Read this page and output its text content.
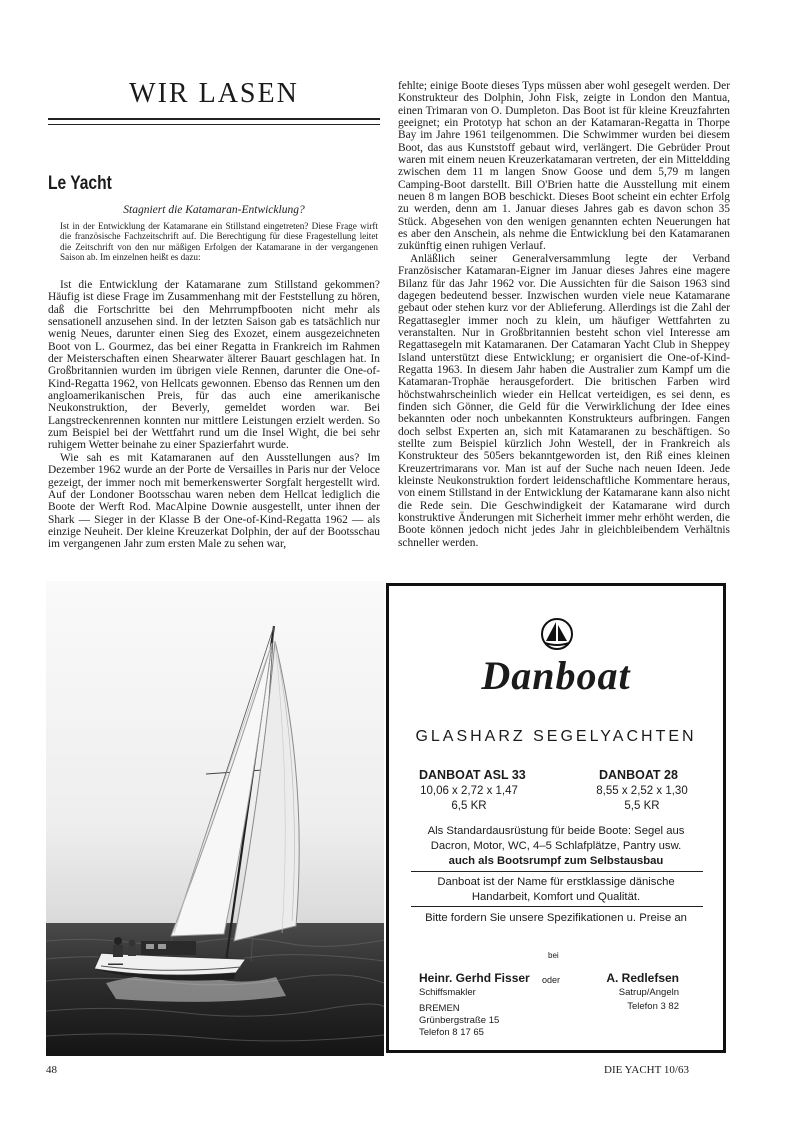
WIR LASEN
Le Yacht
Stagniert die Katamaran-Entwicklung?
Ist in der Entwicklung der Katamarane ein Stillstand eingetreten? Diese Frage wirft die französische Fachzeitschrift auf. Die Berechtigung für diese Fragestellung leitet die Zeitschrift von den nur mäßigen Erfolgen der Katamarane in der vergangenen Saison ab. Im einzelnen heißt es dazu:

Ist die Entwicklung der Katamarane zum Stillstand gekommen? Häufig ist diese Frage im Zusammenhang mit der Feststellung zu hören, daß die Fortschritte bei den Mehrrumpfbooten nicht mehr als sensationell anzusehen sind. In der letzten Saison gab es tatsächlich nur wenig Neues, darunter einen Sieg des Exozet, einem ausgezeichneten Boot von L. Gourmez, das bei einer Regatta in Frankreich im Rahmen der Meisterschaften einen Shearwater älterer Bauart geschlagen hat. In Großbritannien wurden im übrigen viele Rennen, darunter die One-of-Kind-Regatta 1962, von Hellcats gewonnen. Ebenso das Rennen um den angloamerikanischen Preis, für das auch eine amerikanische Neukonstruktion, der Beverly, gemeldet worden war. Bei Langstreckenrennen konnten nur mittlere Leistungen erzielt werden. So zum Beispiel bei der Wettfahrt rund um die Insel Wight, die bei sehr ruhigem Wetter beinahe zu einer Spazierfahrt wurde.

Wie sah es mit Katamaranen auf den Ausstellungen aus? Im Dezember 1962 wurde an der Porte de Versailles in Paris nur der Veloce gezeigt, der immer noch mit bemerkenswerter Sorgfalt hergestellt wird. Auf der Londoner Bootsschau waren neben dem Hellcat lediglich die Boote der Werft Rod. MacAlpine Downie ausgestellt, unter ihnen der Shark — Sieger in der Klasse B der One-of-Kind-Regatta 1962 — als einzige Neuheit. Der kleine Kreuzerkat Dolphin, der auf der Bootsschau im vergangenen Jahr zum ersten Male zu sehen war,

fehlte; einige Boote dieses Typs müssen aber wohl gesegelt werden. Der Konstrukteur des Dolphin, John Fisk, zeigte in London den Mantua, einen Trimaran von O. Dumpleton. Das Boot ist für kleine Kreuzfahrten geeignet; ein Prototyp hat schon an der Katamaran-Regatta in Thorpe Bay im Jahre 1961 teilgenommen. Die Schwimmer wurden bei diesem Boot, das aus Kunststoff gebaut wird, verlängert. Die Gebrüder Prout waren mit einem neuen Kreuzerkatamaran vertreten, der ein Mitteldding zwischen dem 11 m langen Snow Goose und dem 5,79 m langen Camping-Boot darstellt. Bill O'Brien hatte die Ausstellung mit einem neuen 8 m langen BOB beschickt. Dieses Boot scheint ein echter Erfolg zu werden, denn am 1. Januar dieses Jahres gab es davon schon 35 Stück. Abgesehen von den wenigen genannten echten Neuerungen hat es aber den Anschein, als nehme die Entwicklung bei den Katamaranen zukünftig einen ruhigen Verlauf.

Anläßlich seiner Generalversammlung legte der Verband Französischer Katamaran-Eigner im Januar dieses Jahres eine magere Bilanz für das Jahr 1962 vor. Die Aussichten für die Saison 1963 sind dagegen bedeutend besser. Inzwischen wurden viele neue Katamarane gebaut oder stehen kurz vor der Ablieferung. Allerdings ist die Zahl der Regattasegler immer noch zu klein, um häufiger Wettfahrten zu veranstalten. Nur in Großbritannien besteht schon viel Interesse am Regattasegeln mit Katamaranen. Der Catamaran Yacht Club in Sheppey Island unterstützt diese Entwicklung; er organisiert die One-of-Kind-Regatta 1963. In diesem Jahr haben die Australier zum Kampf um die Katamaran-Trophäe herausgefordert. Die britischen Farben wird höchstwahrscheinlich wieder ein Hellcat verteidigen, es sei denn, es finden sich Gönner, die Geld für die Verwirklichung der Idee eines bekannten oder noch unbekannten Konstrukteurs aufbringen. Fangen doch selbst Experten an, sich mit Katamaranen zu beschäftigen. So stellte zum Beispiel kürzlich John Westell, der in Frankreich als Konstrukteur des 505ers bekanntgeworden ist, den Riß eines kleinen Kreuzertrimarans vor. Man ist auf der Suche nach neuen Ideen. Jede kleinste Neukonstruktion fordert leidenschaftliche Kommentare heraus, von einem Stillstand in der Entwicklung der Katamarane kann also nicht die Rede sein. Die Geschwindigkeit der Katamarane wird durch konstruktive Änderungen mit Sicherheit immer mehr erhöht werden, die Boote können jedoch nicht jedes Jahr in gleichbleibendem Verhältnis schneller werden.

▬▬▬
Danboat
GLASHARZ SEGELYACHTEN
DANBOAT ASL 33
10,06 x 2,72 x 1,47
6,5 KR
DANBOAT 28
8,55 x 2,52 x 1,30
5,5 KR
Als Standardausrüstung für beide Boote: Segel aus
Dacron, Motor, WC, 4–5 Schlafplätze, Pantry usw.
auch als Bootsrumpf zum Selbstausbau
Danboat ist der Name für erstklassige dänische
Handarbeit, Komfort und Qualität.
Bitte fordern Sie unsere Spezifikationen u. Preise an
bei
Heinr. Gerhd Fisser
Schiffsmakler
BREMEN
Grünbergstraße 15
Telefon 8 17 65
oder	A. Redlefsen
Satrup/Angeln
Telefon 3 82
48	DIE YACHT 10/63
